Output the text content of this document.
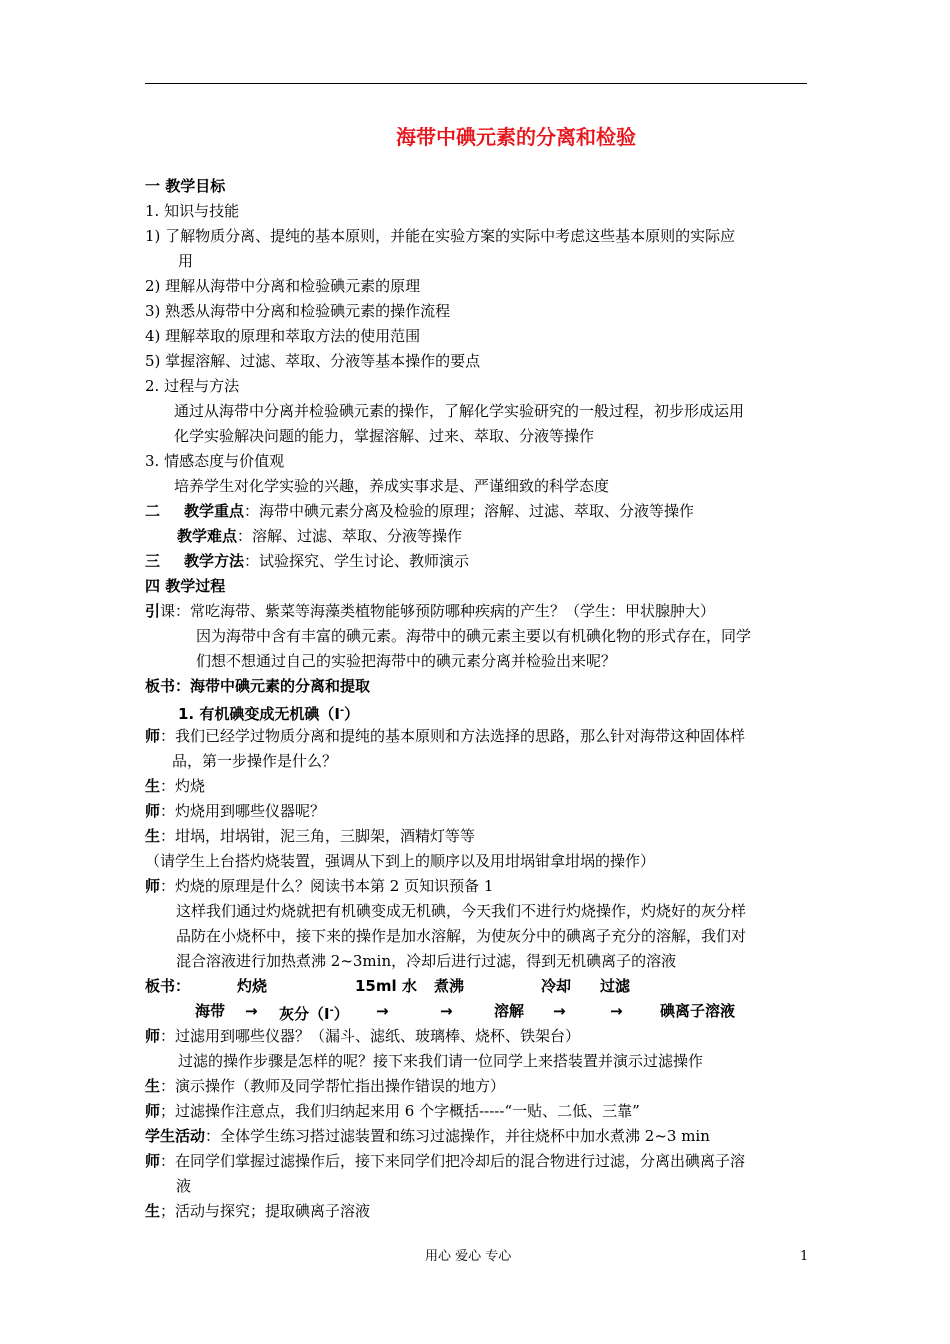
海带中碘元素的分离和检验
一 教学目标
1. 知识与技能
1) 了解物质分离、提纯的基本原则，并能在实验方案的实际中考虑这些基本原则的实际应
用
2) 理解从海带中分离和检验碘元素的原理
3) 熟悉从海带中分离和检验碘元素的操作流程
4) 理解萃取的原理和萃取方法的使用范围
5) 掌握溶解、过滤、萃取、分液等基本操作的要点
2. 过程与方法
通过从海带中分离并检验碘元素的操作，了解化学实验研究的一般过程，初步形成运用
化学实验解决问题的能力，掌握溶解、过来、萃取、分液等操作
3. 情感态度与价值观
培养学生对化学实验的兴趣，养成实事求是、严谨细致的科学态度
二 教学重点：海带中碘元素分离及检验的原理；溶解、过滤、萃取、分液等操作
教学难点：溶解、过滤、萃取、分液等操作
三 教学方法：试验探究、学生讨论、教师演示
四 教学过程
引课：常吃海带、紫菜等海藻类植物能够预防哪种疾病的产生？（学生：甲状腺肿大）
因为海带中含有丰富的碘元素。海带中的碘元素主要以有机碘化物的形式存在，同学
们想不想通过自己的实验把海带中的碘元素分离并检验出来呢？
板书：海带中碘元素的分离和提取
1. 有机碘变成无机碘（I-）
师：我们已经学过物质分离和提纯的基本原则和方法选择的思路，那么针对海带这种固体样
品，第一步操作是什么？
生：灼烧
师：灼烧用到哪些仪器呢？
生：坩埚，坩埚钳，泥三角，三脚架，酒精灯等等
（请学生上台搭灼烧装置，强调从下到上的顺序以及用坩埚钳拿坩埚的操作）
师：灼烧的原理是什么？阅读书本第 2 页知识预备 1
这样我们通过灼烧就把有机碘变成无机碘，今天我们不进行灼烧操作，灼烧好的灰分样
品防在小烧杯中，接下来的操作是加水溶解，为使灰分中的碘离子充分的溶解，我们对
混合溶液进行加热煮沸 2~3min，冷却后进行过滤，得到无机碘离子的溶液
板书：	灼烧	15ml 水 煮沸	冷却 过滤
海带 → 灰分（I-） →	→	溶解 →	→ 碘离子溶液
师：过滤用到哪些仪器？（漏斗、滤纸、玻璃棒、烧杯、铁架台）
过滤的操作步骤是怎样的呢？接下来我们请一位同学上来搭装置并演示过滤操作
生：演示操作（教师及同学帮忙指出操作错误的地方）
师；过滤操作注意点，我们归纳起来用 6 个字概括-----“一贴、二低、三靠”
学生活动：全体学生练习搭过滤装置和练习过滤操作，并往烧杯中加水煮沸 2~3 min
师：在同学们掌握过滤操作后，接下来同学们把冷却后的混合物进行过滤，分离出碘离子溶
液
生；活动与探究；提取碘离子溶液
用心 爱心 专心	1
